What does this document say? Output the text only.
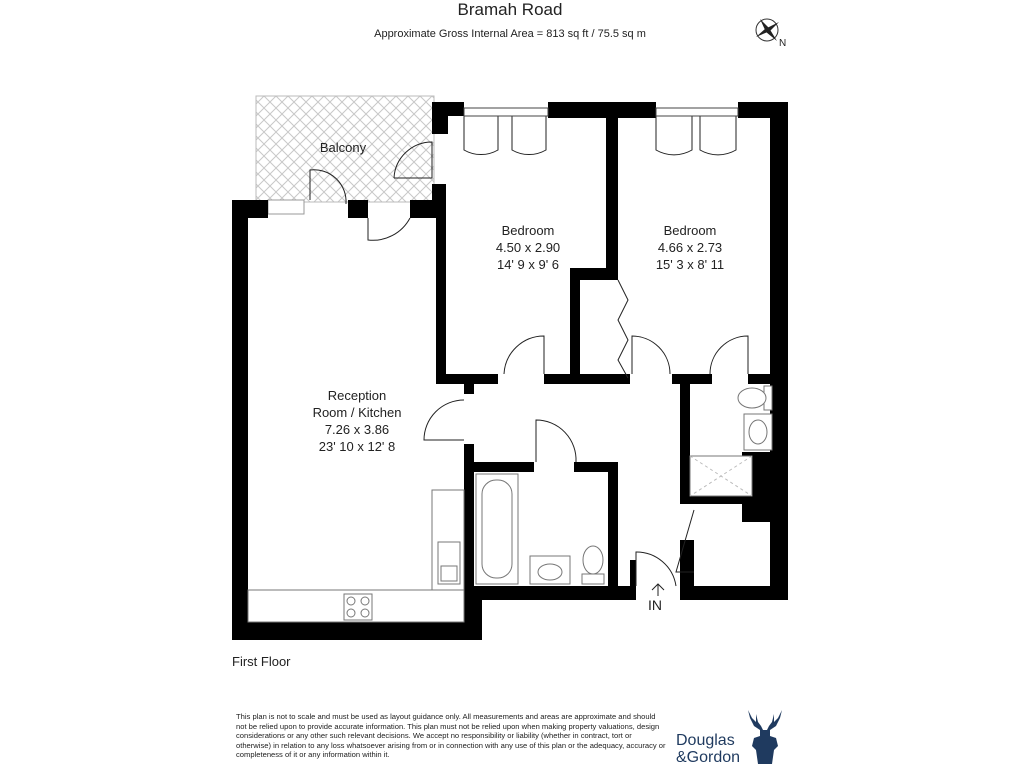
Bramah Road
Approximate Gross Internal Area = 813 sq ft / 75.5 sq m
N
IN
Balcony
Bedroom
4.50 x 2.90
14' 9 x 9' 6
Bedroom
4.66 x 2.73
15' 3 x 8' 11
Reception
Room / Kitchen
7.26 x 3.86
23' 10 x 12' 8
First Floor
This plan is not to scale and must be used as layout guidance only. All measurements and areas are approximate and should not be relied upon to provide accurate information. This plan must not be relied upon when making property valuations, design considerations or any other such relevant decisions. We accept no responsibility or liability (whether in contract, tort or otherwise) in relation to any loss whatsoever arising from or in connection with any use of this plan or the adequacy, accuracy or completeness of it or any information within it.
Douglas
&Gordon
